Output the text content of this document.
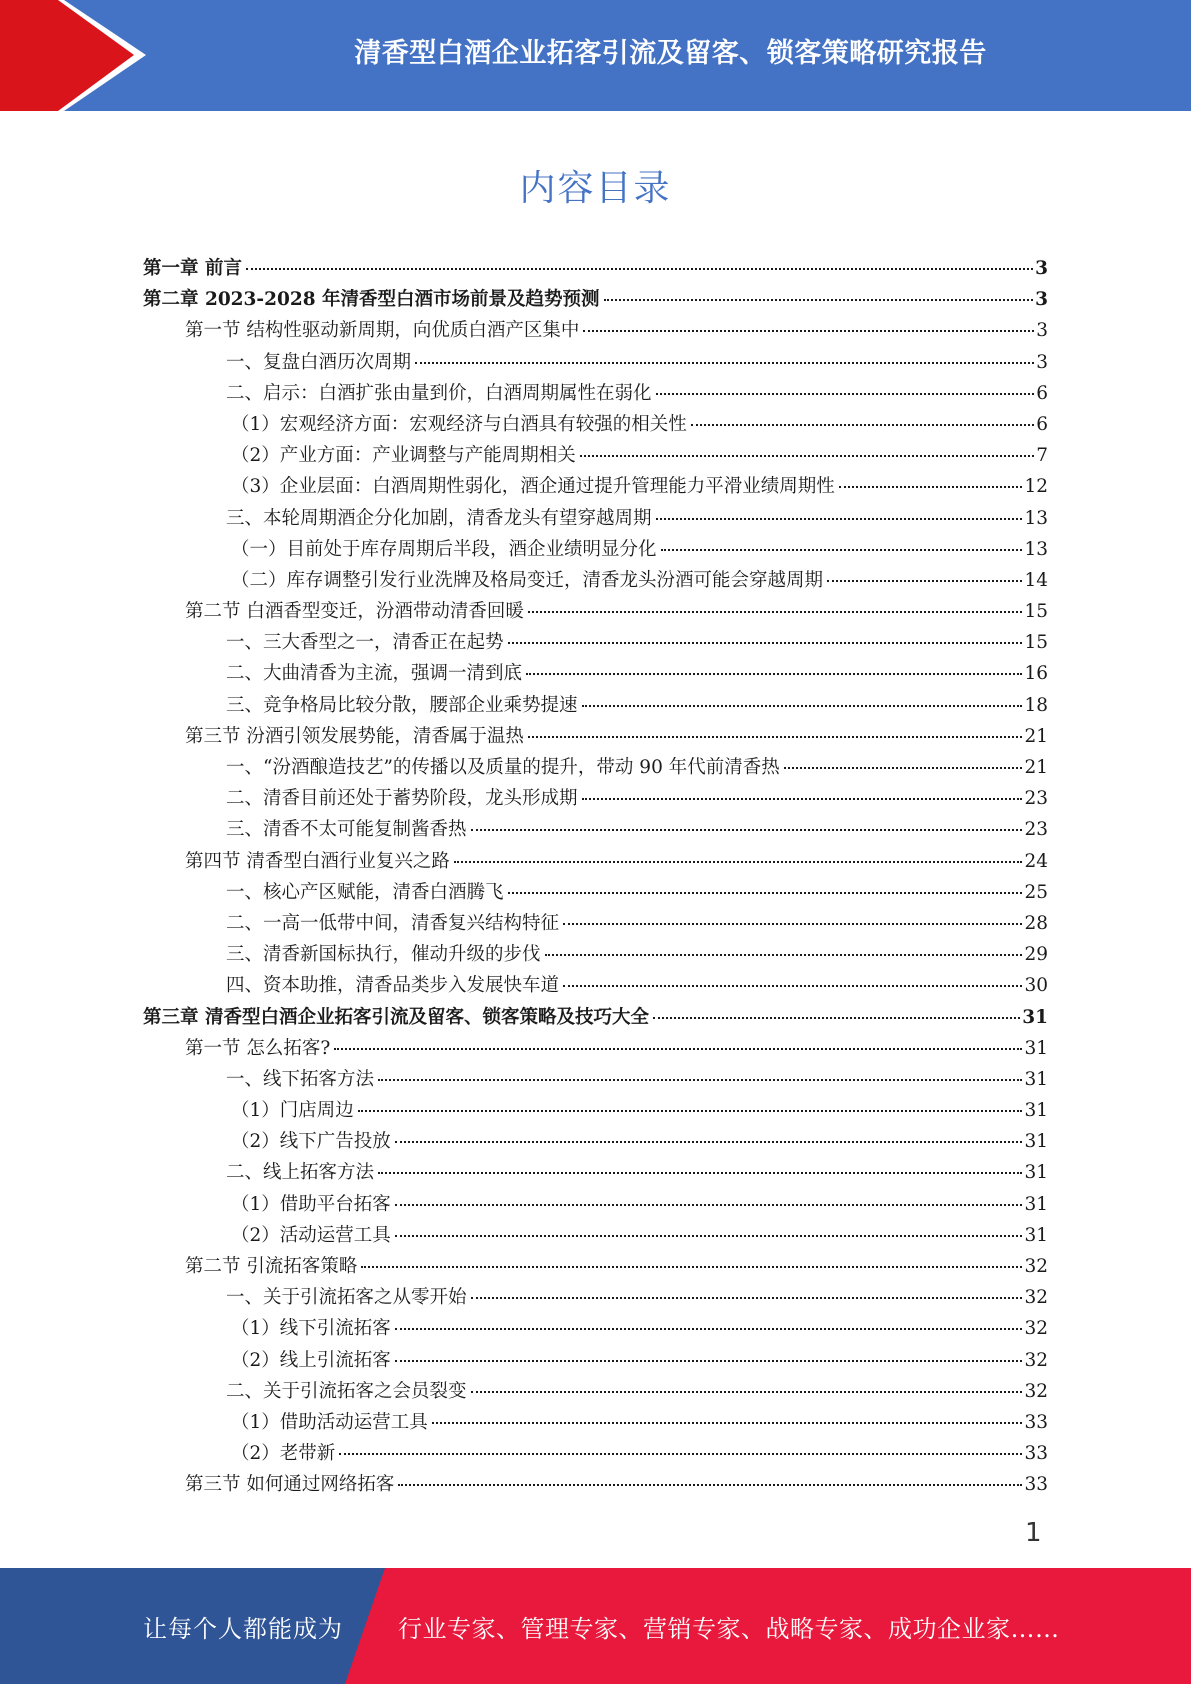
清香型白酒企业拓客引流及留客、锁客策略研究报告
内容目录
第一章 前言	3
第二章 2023-2028 年清香型白酒市场前景及趋势预测	3
第一节 结构性驱动新周期，向优质白酒产区集中	3
一、复盘白酒历次周期	3
二、启示：白酒扩张由量到价，白酒周期属性在弱化	6
（1）宏观经济方面：宏观经济与白酒具有较强的相关性	6
（2）产业方面：产业调整与产能周期相关	7
（3）企业层面：白酒周期性弱化，酒企通过提升管理能力平滑业绩周期性	12
三、本轮周期酒企分化加剧，清香龙头有望穿越周期	13
（一）目前处于库存周期后半段，酒企业绩明显分化	13
（二）库存调整引发行业洗牌及格局变迁，清香龙头汾酒可能会穿越周期	14
第二节 白酒香型变迁，汾酒带动清香回暖	15
一、三大香型之一，清香正在起势	15
二、大曲清香为主流，强调一清到底	16
三、竞争格局比较分散，腰部企业乘势提速	18
第三节 汾酒引领发展势能，清香属于温热	21
一、“汾酒酿造技艺”的传播以及质量的提升，带动 90 年代前清香热	21
二、清香目前还处于蓄势阶段，龙头形成期	23
三、清香不太可能复制酱香热	23
第四节 清香型白酒行业复兴之路	24
一、核心产区赋能，清香白酒腾飞	25
二、一高一低带中间，清香复兴结构特征	28
三、清香新国标执行，催动升级的步伐	29
四、资本助推，清香品类步入发展快车道	30
第三章 清香型白酒企业拓客引流及留客、锁客策略及技巧大全	31
第一节 怎么拓客?	31
一、线下拓客方法	31
（1）门店周边	31
（2）线下广告投放	31
二、线上拓客方法	31
（1）借助平台拓客	31
（2）活动运营工具	31
第二节 引流拓客策略	32
一、关于引流拓客之从零开始	32
（1）线下引流拓客	32
（2）线上引流拓客	32
二、关于引流拓客之会员裂变	32
（1）借助活动运营工具	33
（2）老带新	33
第三节 如何通过网络拓客	33
1
让每个人都能成为 行业专家、管理专家、营销专家、战略专家、成功企业家……
